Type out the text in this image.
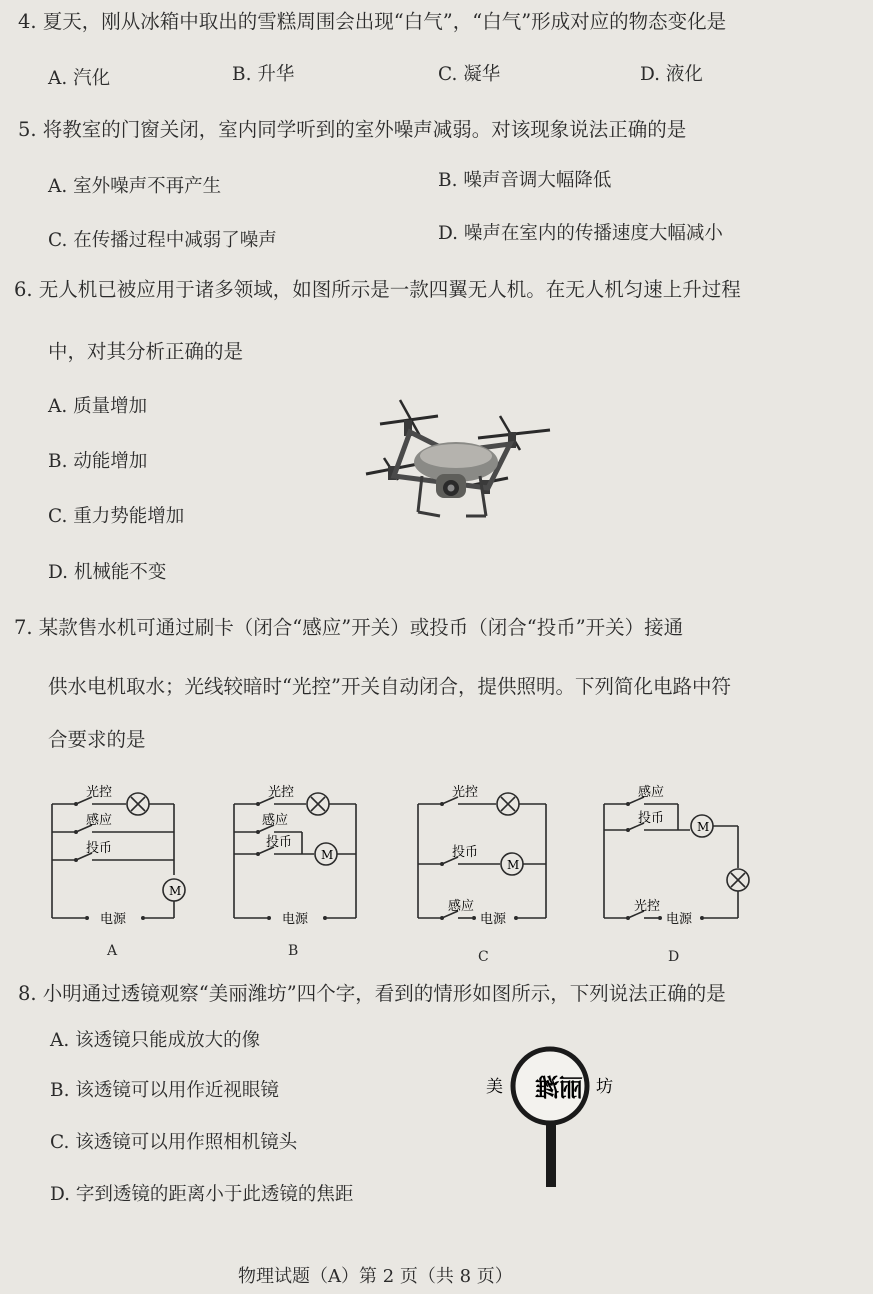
4. 夏天，刚从冰箱中取出的雪糕周围会出现“白气”，“白气”形成对应的物态变化是
A. 汽化	B. 升华	C. 凝华	D. 液化
5. 将教室的门窗关闭，室内同学听到的室外噪声减弱。对该现象说法正确的是
A. 室外噪声不再产生	B. 噪声音调大幅降低
C. 在传播过程中减弱了噪声	D. 噪声在室内的传播速度大幅减小
6. 无人机已被应用于诸多领域，如图所示是一款四翼无人机。在无人机匀速上升过程
中，对其分析正确的是
A. 质量增加
B. 动能增加
C. 重力势能增加
D. 机械能不变
7. 某款售水机可通过刷卡（闭合“感应”开关）或投币（闭合“投币”开关）接通
供水电机取水；光线较暗时“光控”开关自动闭合，提供照明。下列简化电路中符
合要求的是
光控
感应
投币
M
电源
A
光控
感应
投币
M
电源
B
光控
投币
M
感应
电源
C
感应
投币
M
光控
电源
D
8. 小明通过透镜观察“美丽潍坊”四个字，看到的情形如图所示，下列说法正确的是
A. 该透镜只能成放大的像
B. 该透镜可以用作近视眼镜
C. 该透镜可以用作照相机镜头
D. 字到透镜的距离小于此透镜的焦距
美 丽潍 坊
物理试题（A）第 2 页（共 8 页）
